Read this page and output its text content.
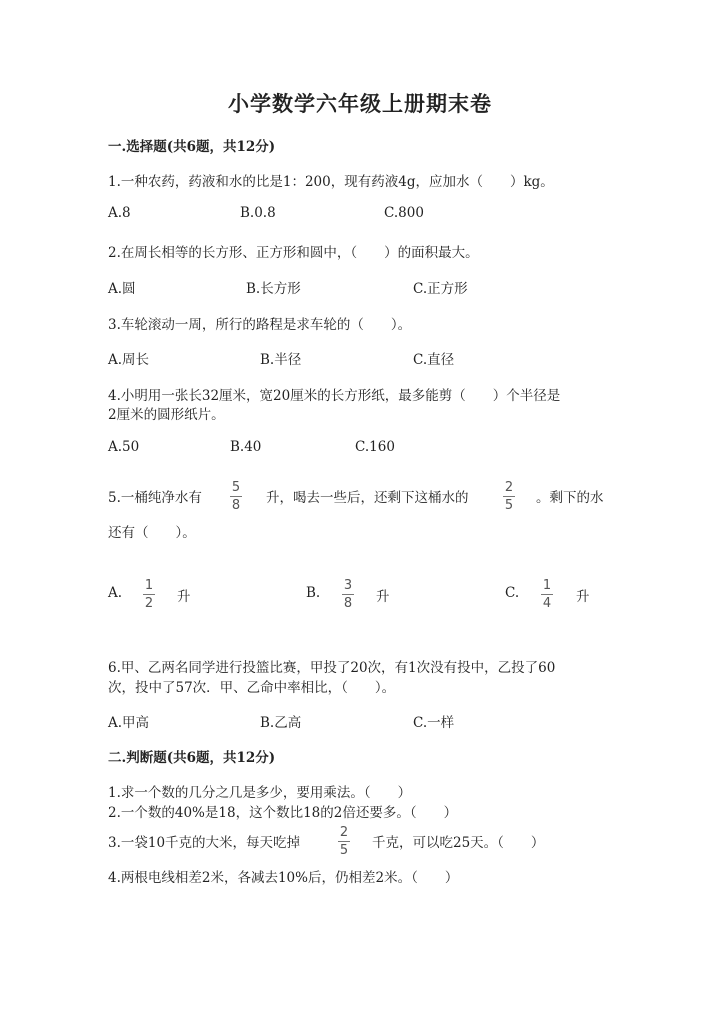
小学数学六年级上册期末卷
一.选择题(共6题，共12分)
1.一种农药，药液和水的比是1：200，现有药液4g，应加水（　　）kg。
A.8	B.0.8	C.800
2.在周长相等的长方形、正方形和圆中，（　　）的面积最大。
A.圆	B.长方形	C.正方形
3.车轮滚动一周，所行的路程是求车轮的（　　）。
A.周长	B.半径	C.直径
4.小明用一张长32厘米，宽20厘米的长方形纸，最多能剪（　　）个半径是
2厘米的圆形纸片。
A.50	B.40	C.160
5.一桶纯净水有
5
8 升，喝去一些后，还剩下这桶水的
2
5 。剩下的水
还有（　　）。
A. 1
2 升	B. 3
8 升	C. 1
4 升
6.甲、乙两名同学进行投篮比赛，甲投了20次，有1次没有投中，乙投了60
次，投中了57次．甲、乙命中率相比，（　　）。
A.甲高	B.乙高	C.一样
二.判断题(共6题，共12分)
1.求一个数的几分之几是多少，要用乘法。（　　）
2.一个数的40%是18，这个数比18的2倍还要多。（　　）
3.一袋10千克的大米，每天吃掉
2
5 千克，可以吃25天。（　　）
4.两根电线相差2米，各减去10%后，仍相差2米。（　　）
